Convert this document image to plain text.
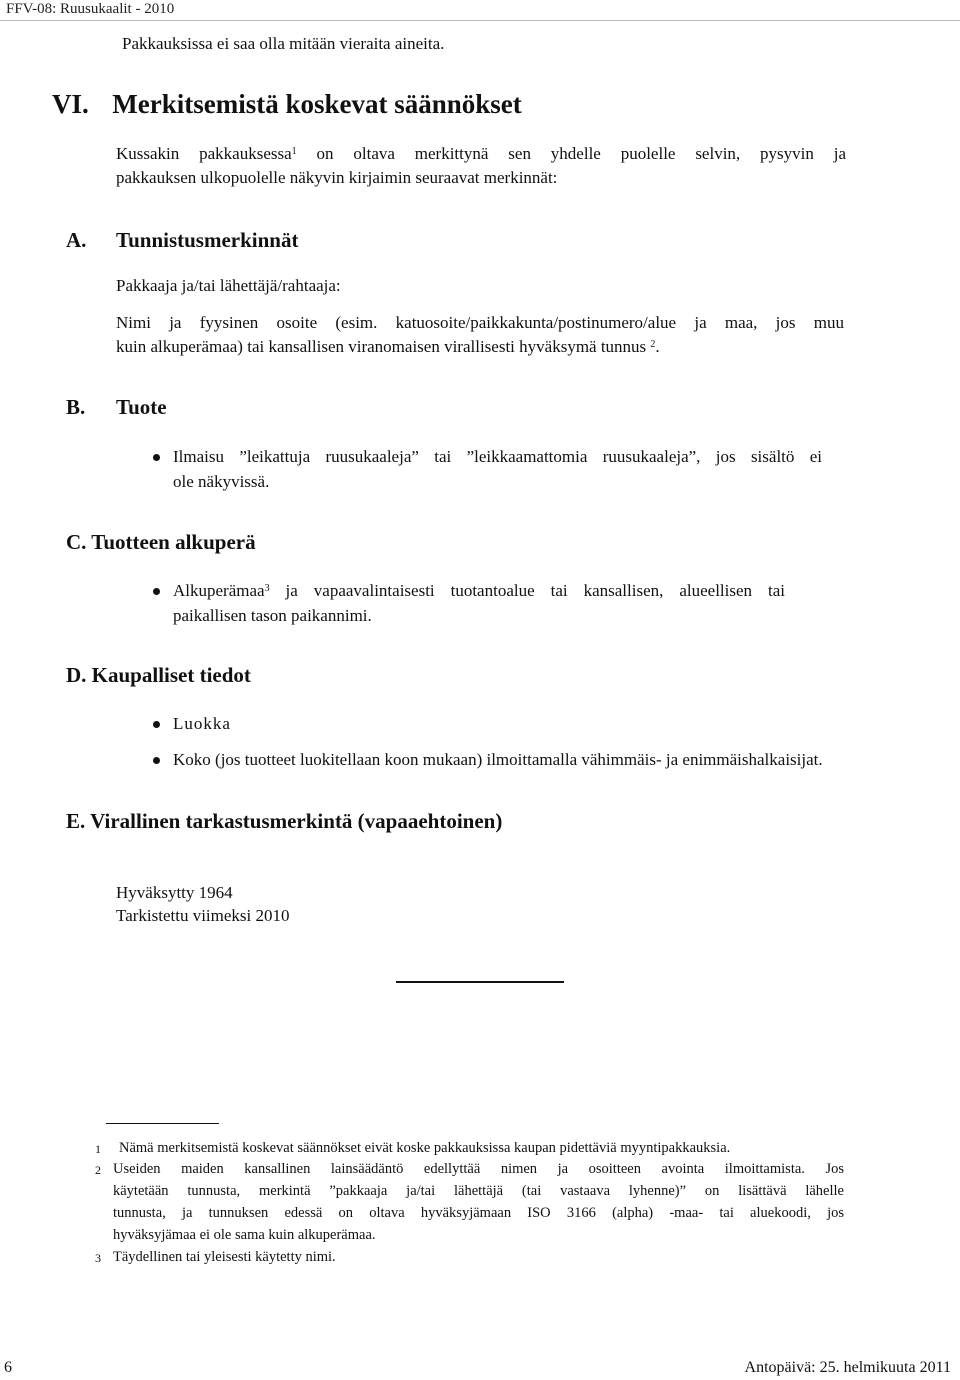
FFV-08: Ruusukaalit - 2010
Pakkauksissa ei saa olla mitään vieraita aineita.
VI. Merkitsemistä koskevat säännökset
Kussakin pakkauksessa$^1$ on oltava merkittynä sen yhdelle puolelle selvin, pysyvin ja
pakkauksen ulkopuolelle näkyvin kirjaimin seuraavat merkinnät:
A. Tunnistusmerkinnät
Pakkaaja ja/tai lähettäjä/rahtaaja:
Nimi ja fyysinen osoite (esim. katuosoite/paikkakunta/postinumero/alue ja maa, jos muu
kuin alkuperämaa) tai kansallisen viranomaisen virallisesti hyväksymä tunnus $^2$.
B. Tuote
Ilmaisu ”leikattuja ruusukaaleja” tai ”leikkaamattomia ruusukaaleja”, jos sisältö ei
ole näkyvissä.
C. Tuotteen alkuperä
Alkuperämaa$^3$ ja vapaavalintaisesti tuotantoalue tai kansallisen, alueellisen tai
paikallisen tason paikannimi.
D. Kaupalliset tiedot
Luokka
Koko (jos tuotteet luokitellaan koon mukaan) ilmoittamalla vähimmäis- ja enimmäishalkaisijat.
E. Virallinen tarkastusmerkintä (vapaaehtoinen)
Hyväksytty 1964
Tarkistettu viimeksi 2010
1 Nämä merkitsemistä koskevat säännökset eivät koske pakkauksissa kaupan pidettäviä myyntipakkauksia.
2 Useiden maiden kansallinen lainsäädäntö edellyttää nimen ja osoitteen avointa ilmoittamista. Jos
käytetään tunnusta, merkintä ”pakkaaja ja/tai lähettäjä (tai vastaava lyhenne)” on lisättävä lähelle
tunnusta, ja tunnuksen edessä on oltava hyväksyjämaan ISO 3166 (alpha) -maa- tai aluekoodi, jos
hyväksyjämaa ei ole sama kuin alkuperämaa.
3 Täydellinen tai yleisesti käytetty nimi.
6	Antopäivä: 25. helmikuuta 2011
